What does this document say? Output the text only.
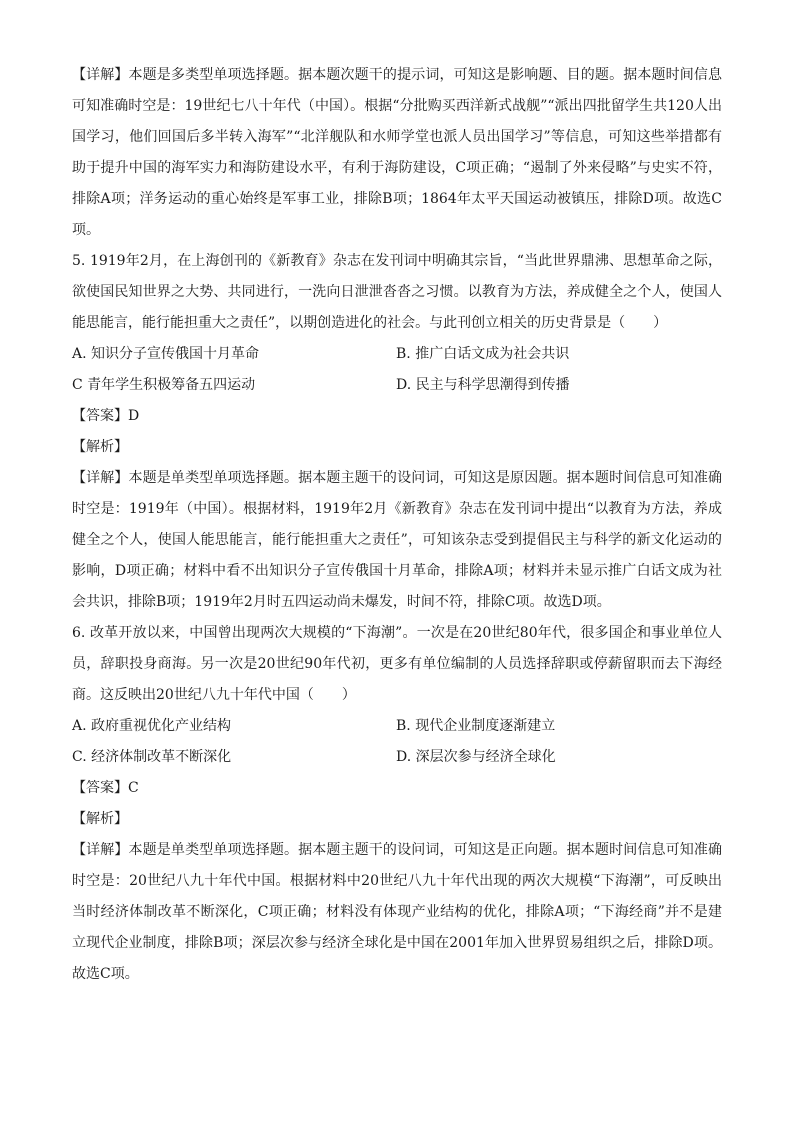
【详解】本题是多类型单项选择题。据本题次题干的提示词，可知这是影响题、目的题。据本题时间信息可知准确时空是：19世纪七八十年代（中国）。根据“分批购买西洋新式战舰”“派出四批留学生共120人出国学习，他们回国后多半转入海军”“北洋舰队和水师学堂也派人员出国学习”等信息，可知这些举措都有助于提升中国的海军实力和海防建设水平，有利于海防建设，C项正确；“遏制了外来侵略”与史实不符，排除A项；洋务运动的重心始终是军事工业，排除B项；1864年太平天国运动被镇压，排除D项。故选C项。

5. 1919年2月，在上海创刊的《新教育》杂志在发刊词中明确其宗旨，“当此世界鼎沸、思想革命之际，欲使国民知世界之大势、共同进行，一洗向日泄泄沓沓之习惯。以教育为方法，养成健全之个人，使国人能思能言，能行能担重大之责任”，以期创造进化的社会。与此刊创立相关的历史背景是（　　）

A. 知识分子宣传俄国十月革命	B. 推广白话文成为社会共识
C 青年学生积极筹备五四运动	D. 民主与科学思潮得到传播

【答案】D

【解析】

【详解】本题是单类型单项选择题。据本题主题干的设问词，可知这是原因题。据本题时间信息可知准确时空是：1919年（中国）。根据材料，1919年2月《新教育》杂志在发刊词中提出“以教育为方法，养成健全之个人，使国人能思能言，能行能担重大之责任”，可知该杂志受到提倡民主与科学的新文化运动的影响，D项正确；材料中看不出知识分子宣传俄国十月革命，排除A项；材料并未显示推广白话文成为社会共识，排除B项；1919年2月时五四运动尚未爆发，时间不符，排除C项。故选D项。

6. 改革开放以来，中国曾出现两次大规模的“下海潮”。一次是在20世纪80年代，很多国企和事业单位人员，辞职投身商海。另一次是20世纪90年代初，更多有单位编制的人员选择辞职或停薪留职而去下海经商。这反映出20世纪八九十年代中国（　　）

A. 政府重视优化产业结构	B. 现代企业制度逐渐建立
C. 经济体制改革不断深化	D. 深层次参与经济全球化

【答案】C

【解析】

【详解】本题是单类型单项选择题。据本题主题干的设问词，可知这是正向题。据本题时间信息可知准确时空是：20世纪八九十年代中国。根据材料中20世纪八九十年代出现的两次大规模“下海潮”，可反映出当时经济体制改革不断深化，C项正确；材料没有体现产业结构的优化，排除A项；“下海经商”并不是建立现代企业制度，排除B项；深层次参与经济全球化是中国在2001年加入世界贸易组织之后，排除D项。故选C项。
